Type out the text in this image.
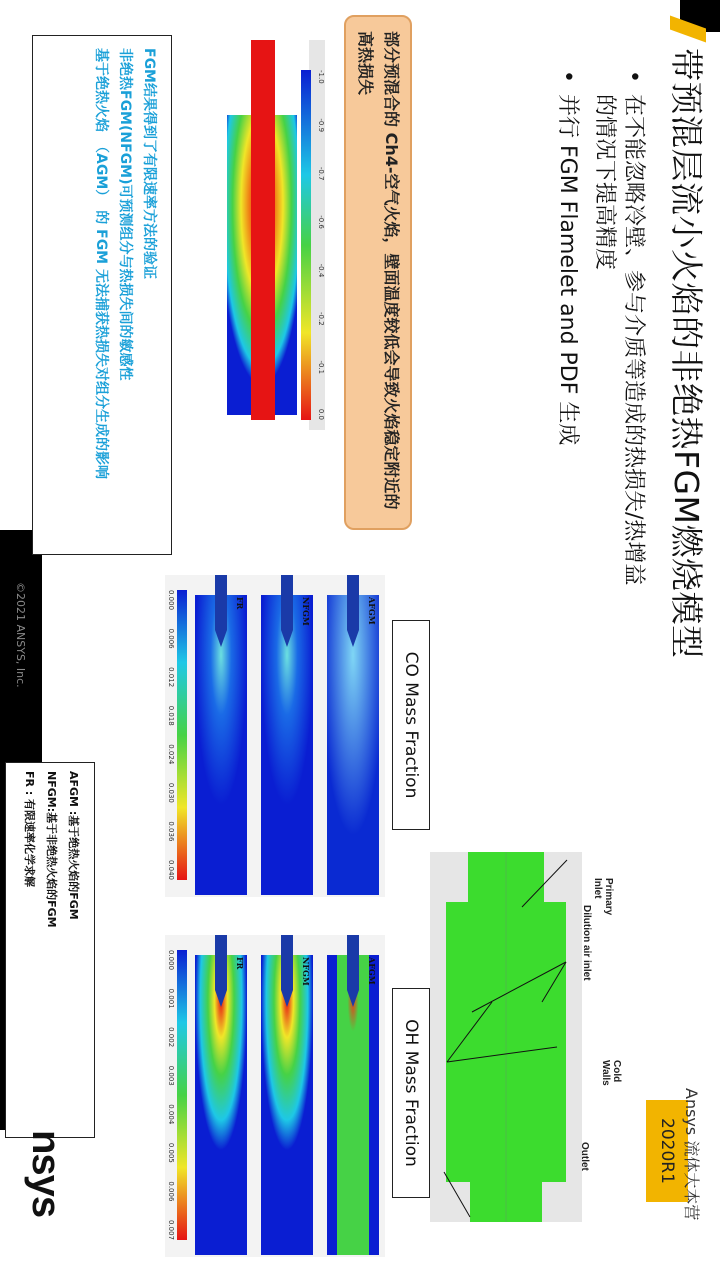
带预混层流小火焰的非绝热FGM燃烧模型
• 在不能忽略冷壁、参与介质等造成的热损失/热增益的情况下提高精度
• 并行 FGM Flamelet and PDF 生成
2020R1
Primary Inlet
Dilution air inlet
Cold Walls
Outlet
CO Mass Fraction
OH Mass Fraction
AFGM
NFGM
FR
0.000
0.006
0.012
0.018
0.024
0.030
0.036
0.040
AFGM
NFGM
FR
0.000
0.001
0.002
0.003
0.004
0.005
0.006
0.007
AFGM :基于绝热火焰的FGM
NFGM:基于非绝热火焰的FGM
FR : 有限速率化学求解
部分预混合的 Ch4-空气火焰，壁面温度较低会导致火焰稳定附近的高热损失
-1.0
-0.9
-0.7
-0.6
-0.4
-0.2
-0.1
0.0
FGM结果得到了有限速率方法的验证
非绝热FGM(NFGM)可预测组分与热损失间的敏感性
基于绝热火焰　（AGM）　的 FGM 无法捕获热损失对组分生成的影响
©2021 ANSYS, Inc.
nsys	Ansys 流体大本营
